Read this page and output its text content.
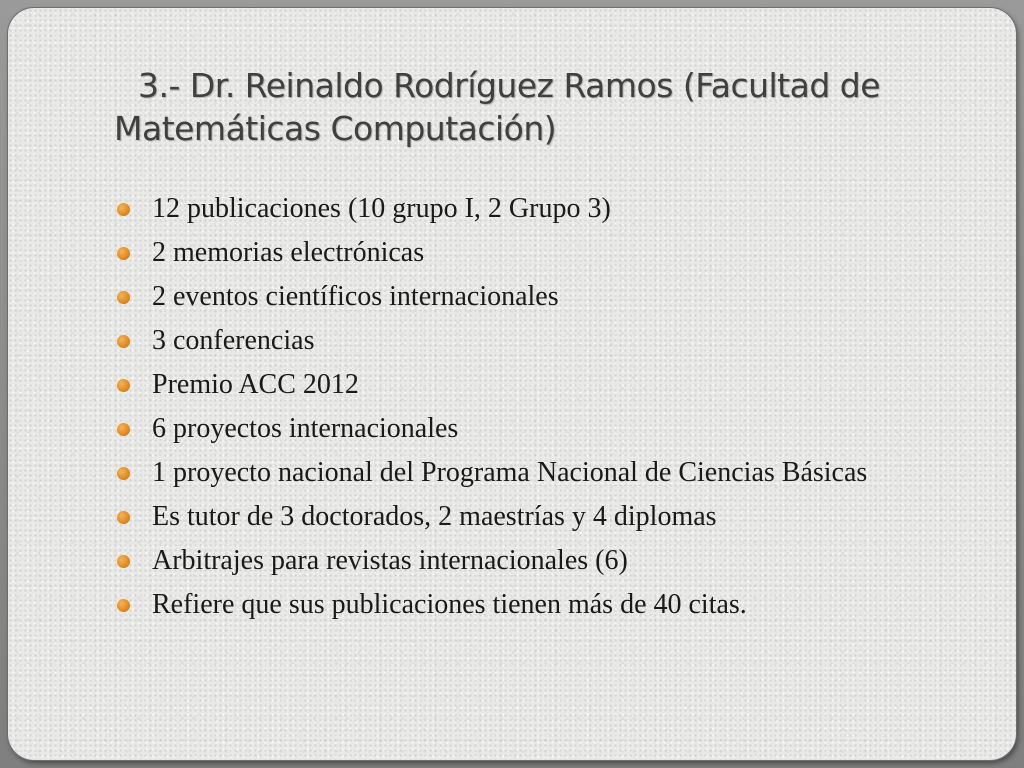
3.- Dr. Reinaldo Rodríguez Ramos (Facultad de Matemáticas Computación)
12 publicaciones (10 grupo I, 2 Grupo 3)
2 memorias electrónicas
2 eventos científicos internacionales
3 conferencias
Premio ACC 2012
6 proyectos internacionales
1 proyecto nacional del Programa Nacional de Ciencias Básicas
Es tutor de 3 doctorados, 2 maestrías y 4 diplomas
Arbitrajes para revistas internacionales (6)
Refiere que sus publicaciones tienen más de 40 citas.
